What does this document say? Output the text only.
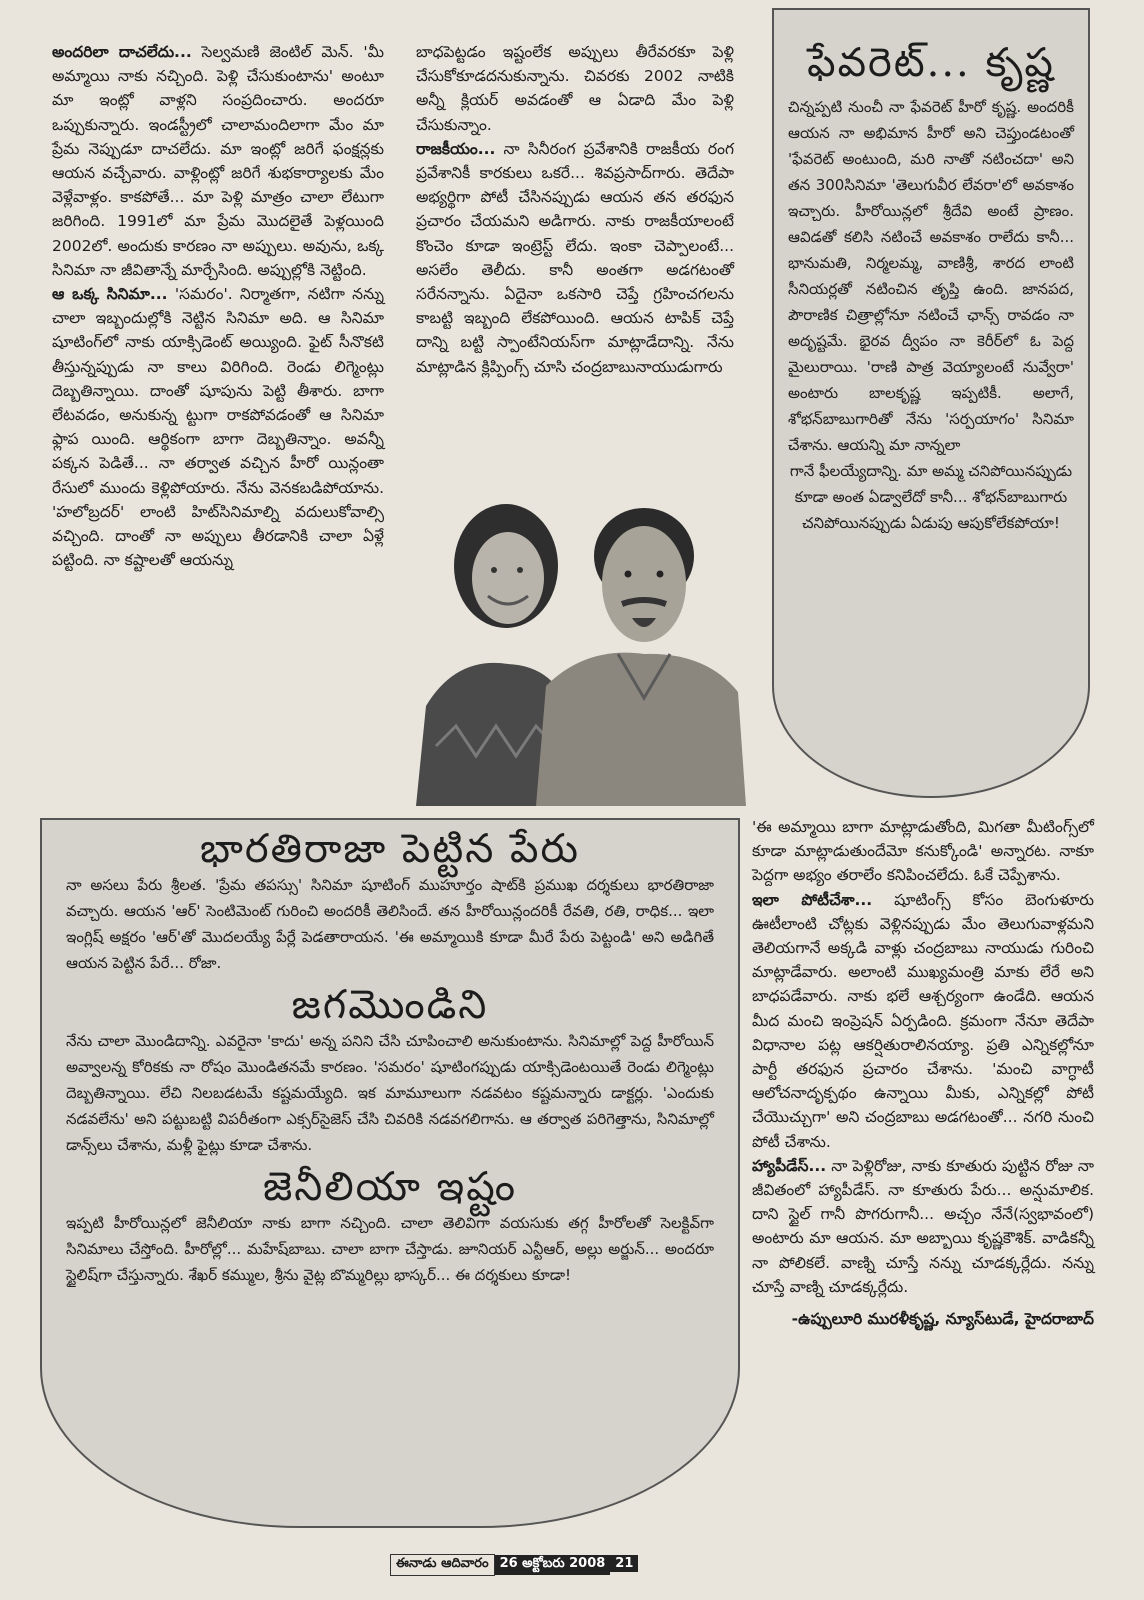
అందరిలా దాచలేదు... సెల్వమణి జెంటిల్ మెన్. 'మీ అమ్మాయి నాకు నచ్చింది. పెళ్లి చేసుకుంటాను' అంటూ మా ఇంట్లో వాళ్లని సంప్రదించారు. అందరూ ఒప్పుకున్నారు. ఇండస్ట్రీలో చాలామందిలాగా మేం మా ప్రేమ నెప్పుడూ దాచలేదు. మా ఇంట్లో జరిగే ఫంక్షన్లకు ఆయన వచ్చేవారు. వాళ్లింట్లో జరిగే శుభకార్యాలకు మేం వెళ్లేవాళ్లం. కాకపోతే... మా పెళ్లి మాత్రం చాలా లేటుగా జరిగింది. 1991లో మా ప్రేమ మొదలైతే పెళ్లయింది 2002లో. అందుకు కారణం నా అప్పులు. అవును, ఒక్క సినిమా నా జీవితాన్నే మార్చేసింది. అప్పుల్లోకి నెట్టింది.

ఆ ఒక్క సినిమా... 'సమరం'. నిర్మాతగా, నటిగా నన్ను చాలా ఇబ్బందుల్లోకి నెట్టిన సినిమా అది. ఆ సినిమా షూటింగ్‌లో నాకు యాక్సిడెంట్ అయ్యింది. ఫైట్ సీనొకటి తీస్తున్నప్పుడు నా కాలు విరిగింది. రెండు లిగ్మెంట్లు దెబ్బతిన్నాయి. దాంతో షూపును పెట్టి తీశారు. బాగా లేటవడం, అనుకున్న ట్టుగా రాకపోవడంతో ఆ సినిమా ఫ్లాప యింది. ఆర్థికంగా బాగా దెబ్బతిన్నాం. అవన్నీ పక్కన పెడితే... నా తర్వాత వచ్చిన హీరో యిన్లంతా రేసులో ముందు కెళ్లిపోయారు. నేను వెనకబడిపోయాను. 'హలోబ్రదర్' లాంటి హిట్‌సినిమాల్ని వదులుకోవాల్సి వచ్చింది. దాంతో నా అప్పులు తీరడానికి చాలా ఏళ్లే పట్టింది. నా కష్టాలతో ఆయన్ను

బాధపెట్టడం ఇష్టంలేక అప్పులు తీరేవరకూ పెళ్లి చేసుకోకూడదనుకున్నాను. చివరకు 2002 నాటికి అన్నీ క్లియర్ అవడంతో ఆ ఏడాది మేం పెళ్లి చేసుకున్నాం.

రాజకీయం... నా సినీరంగ ప్రవేశానికి రాజకీయ రంగ ప్రవేశానికీ కారకులు ఒకరే... శివప్రసాద్‌గారు. తెదేపా అభ్యర్థిగా పోటీ చేసినప్పుడు ఆయన తన తరఫున ప్రచారం చేయమని అడిగారు. నాకు రాజకీయాలంటే కొంచెం కూడా ఇంట్రెస్ట్ లేదు. ఇంకా చెప్పాలంటే... అసలేం తెలీదు. కానీ అంతగా అడగటంతో సరేనన్నాను. ఏదైనా ఒకసారి చెప్తే గ్రహించగలను కాబట్టి ఇబ్బంది లేకపోయింది. ఆయన టాపిక్ చెప్తే దాన్ని బట్టి స్పాంటేనియస్‌గా మాట్లాడేదాన్ని. నేను మాట్లాడిన క్లిప్పింగ్స్ చూసి చంద్రబాబునాయుడుగారు

ఫేవరెట్... కృష్ణ
చిన్నప్పటి నుంచీ నా ఫేవరెట్ హీరో కృష్ణ. అందరికీ ఆయన నా అభిమాన హీరో అని చెప్తుండటంతో 'ఫేవరెట్ అంటుంది, మరి నాతో నటించదా' అని తన 300సినిమా 'తెలుగువీర లేవరా'లో అవకాశం ఇచ్చారు. హీరోయిన్లలో శ్రీదేవి అంటే ప్రాణం. ఆవిడతో కలిసి నటించే అవకాశం రాలేదు కానీ... భానుమతి, నిర్మలమ్మ, వాణిశ్రీ, శారద లాంటి సీనియర్లతో నటించిన తృప్తి ఉంది. జానపద, పౌరాణిక చిత్రాల్లోనూ నటించే ఛాన్స్ రావడం నా అదృష్టమే. భైరవ ద్వీపం నా కెరీర్‌లో ఓ పెద్ద మైలురాయి. 'రాణి పాత్ర వెయ్యాలంటే నువ్వేరా' అంటారు బాలకృష్ణ ఇప్పటికీ. అలాగే, శోభన్‌బాబుగారితో నేను 'సర్పయాగం' సినిమా చేశాను. ఆయన్ని మా నాన్నలా
గానే ఫీలయ్యేదాన్ని. మా అమ్మ చనిపోయినప్పుడు కూడా అంత ఏడ్వాలేదో కానీ... శోభన్‌బాబుగారు చనిపోయినప్పుడు ఏడుపు ఆపుకోలేకపోయా!
భారతిరాజా పెట్టిన పేరు

నా అసలు పేరు శ్రీలత. 'ప్రేమ తపస్సు' సినిమా షూటింగ్ ముహూర్తం షాట్‌కి ప్రముఖ దర్శకులు భారతిరాజా వచ్చారు. ఆయన 'ఆర్' సెంటిమెంట్ గురించి అందరికీ తెలిసిందే. తన హీరోయిన్లందరికీ రేవతి, రతి, రాధిక... ఇలా ఇంగ్లిష్ అక్షరం 'ఆర్'తో మొదలయ్యే పేర్లే పెడతారాయన. 'ఈ అమ్మాయికి కూడా మీరే పేరు పెట్టండి' అని అడిగితే ఆయన పెట్టిన పేరే... రోజా.

జగమొండిని

నేను చాలా మొండిదాన్ని. ఎవరైనా 'కాదు' అన్న పనిని చేసి చూపించాలి అనుకుంటాను. సినిమాల్లో పెద్ద హీరోయిన్ అవ్వాలన్న కోరికకు నా రోషం మొండితనమే కారణం. 'సమరం' షూటింగప్పుడు యాక్సిడెంటయితే రెండు లిగ్మెంట్లు దెబ్బతిన్నాయి. లేచి నిలబడటమే కష్టమయ్యేది. ఇక మామూలుగా నడవటం కష్టమన్నారు డాక్టర్లు. 'ఎందుకు నడవలేను' అని పట్టుబట్టి విపరీతంగా ఎక్సర్‌సైజెస్ చేసి చివరికి నడవగలిగాను. ఆ తర్వాత పరిగెత్తాను, సినిమాల్లో డాన్స్‌లు చేశాను, మళ్లీ ఫైట్లు కూడా చేశాను.

జెనీలియా ఇష్టం

ఇప్పటి హీరోయిన్లలో జెనీలియా నాకు బాగా నచ్చింది. చాలా తెలివిగా వయసుకు తగ్గ హీరోలతో సెలక్టివ్‌గా సినిమాలు చేస్తోంది. హీరోల్లో... మహేష్‌బాబు. చాలా బాగా చేస్తాడు. జూనియర్ ఎన్టీఆర్, అల్లు అర్జున్... అందరూ స్టైలిష్‌గా చేస్తున్నారు. శేఖర్ కమ్ముల, శ్రీను వైట్ల బొమ్మరిల్లు భాస్కర్... ఈ దర్శకులు కూడా!

'ఈ అమ్మాయి బాగా మాట్లాడుతోంది, మిగతా మీటింగ్స్‌లో కూడా మాట్లాడుతుందేమో కనుక్కోండి' అన్నారట. నాకూ పెద్దగా అభ్యం తరాలేం కనిపించలేదు. ఓకే చెప్పేశాను.

ఇలా పోటీచేశా... షూటింగ్స్ కోసం బెంగుళూరు ఊటీలాంటి చోట్లకు వెళ్లినప్పుడు మేం తెలుగువాళ్లమని తెలియగానే అక్కడి వాళ్లు చంద్రబాబు నాయుడు గురించి మాట్లాడేవారు. అలాంటి ముఖ్యమంత్రి మాకు లేరే అని బాధపడేవారు. నాకు భలే ఆశ్చర్యంగా ఉండేది. ఆయన మీద మంచి ఇంప్రెషన్ ఏర్పడింది. క్రమంగా నేనూ తెదేపా విధానాల పట్ల ఆకర్షితురాలినయ్యా. ప్రతి ఎన్నికల్లోనూ పార్టీ తరఫున ప్రచారం చేశాను. 'మంచి వాగ్ధాటీ ఆలోచనాదృక్పథం ఉన్నాయి మీకు, ఎన్నికల్లో పోటీ చేయొచ్చుగా' అని చంద్రబాబు అడగటంతో... నగరి నుంచి పోటీ చేశాను.

హ్యాపీడేస్... నా పెళ్లిరోజు, నాకు కూతురు పుట్టిన రోజు నా జీవితంలో హ్యాపీడేస్. నా కూతురు పేరు... అన్షుమాలిక. దాని స్టైల్ గానీ పొగరుగానీ... అచ్చం నేనే(స్వభావంలో) అంటారు మా ఆయన. మా అబ్బాయి కృష్ణకౌశిక్. వాడికన్నీ నా పోలికలే. వాణ్ని చూస్తే నన్ను చూడక్కర్లేదు. నన్ను చూస్తే వాణ్ని చూడక్కర్లేదు.

-ఉప్పులూరి మురళీకృష్ణ, న్యూస్‌టుడే, హైదరాబాద్

ఈనాడు ఆదివారం 26 అక్టోబరు 2008 21
